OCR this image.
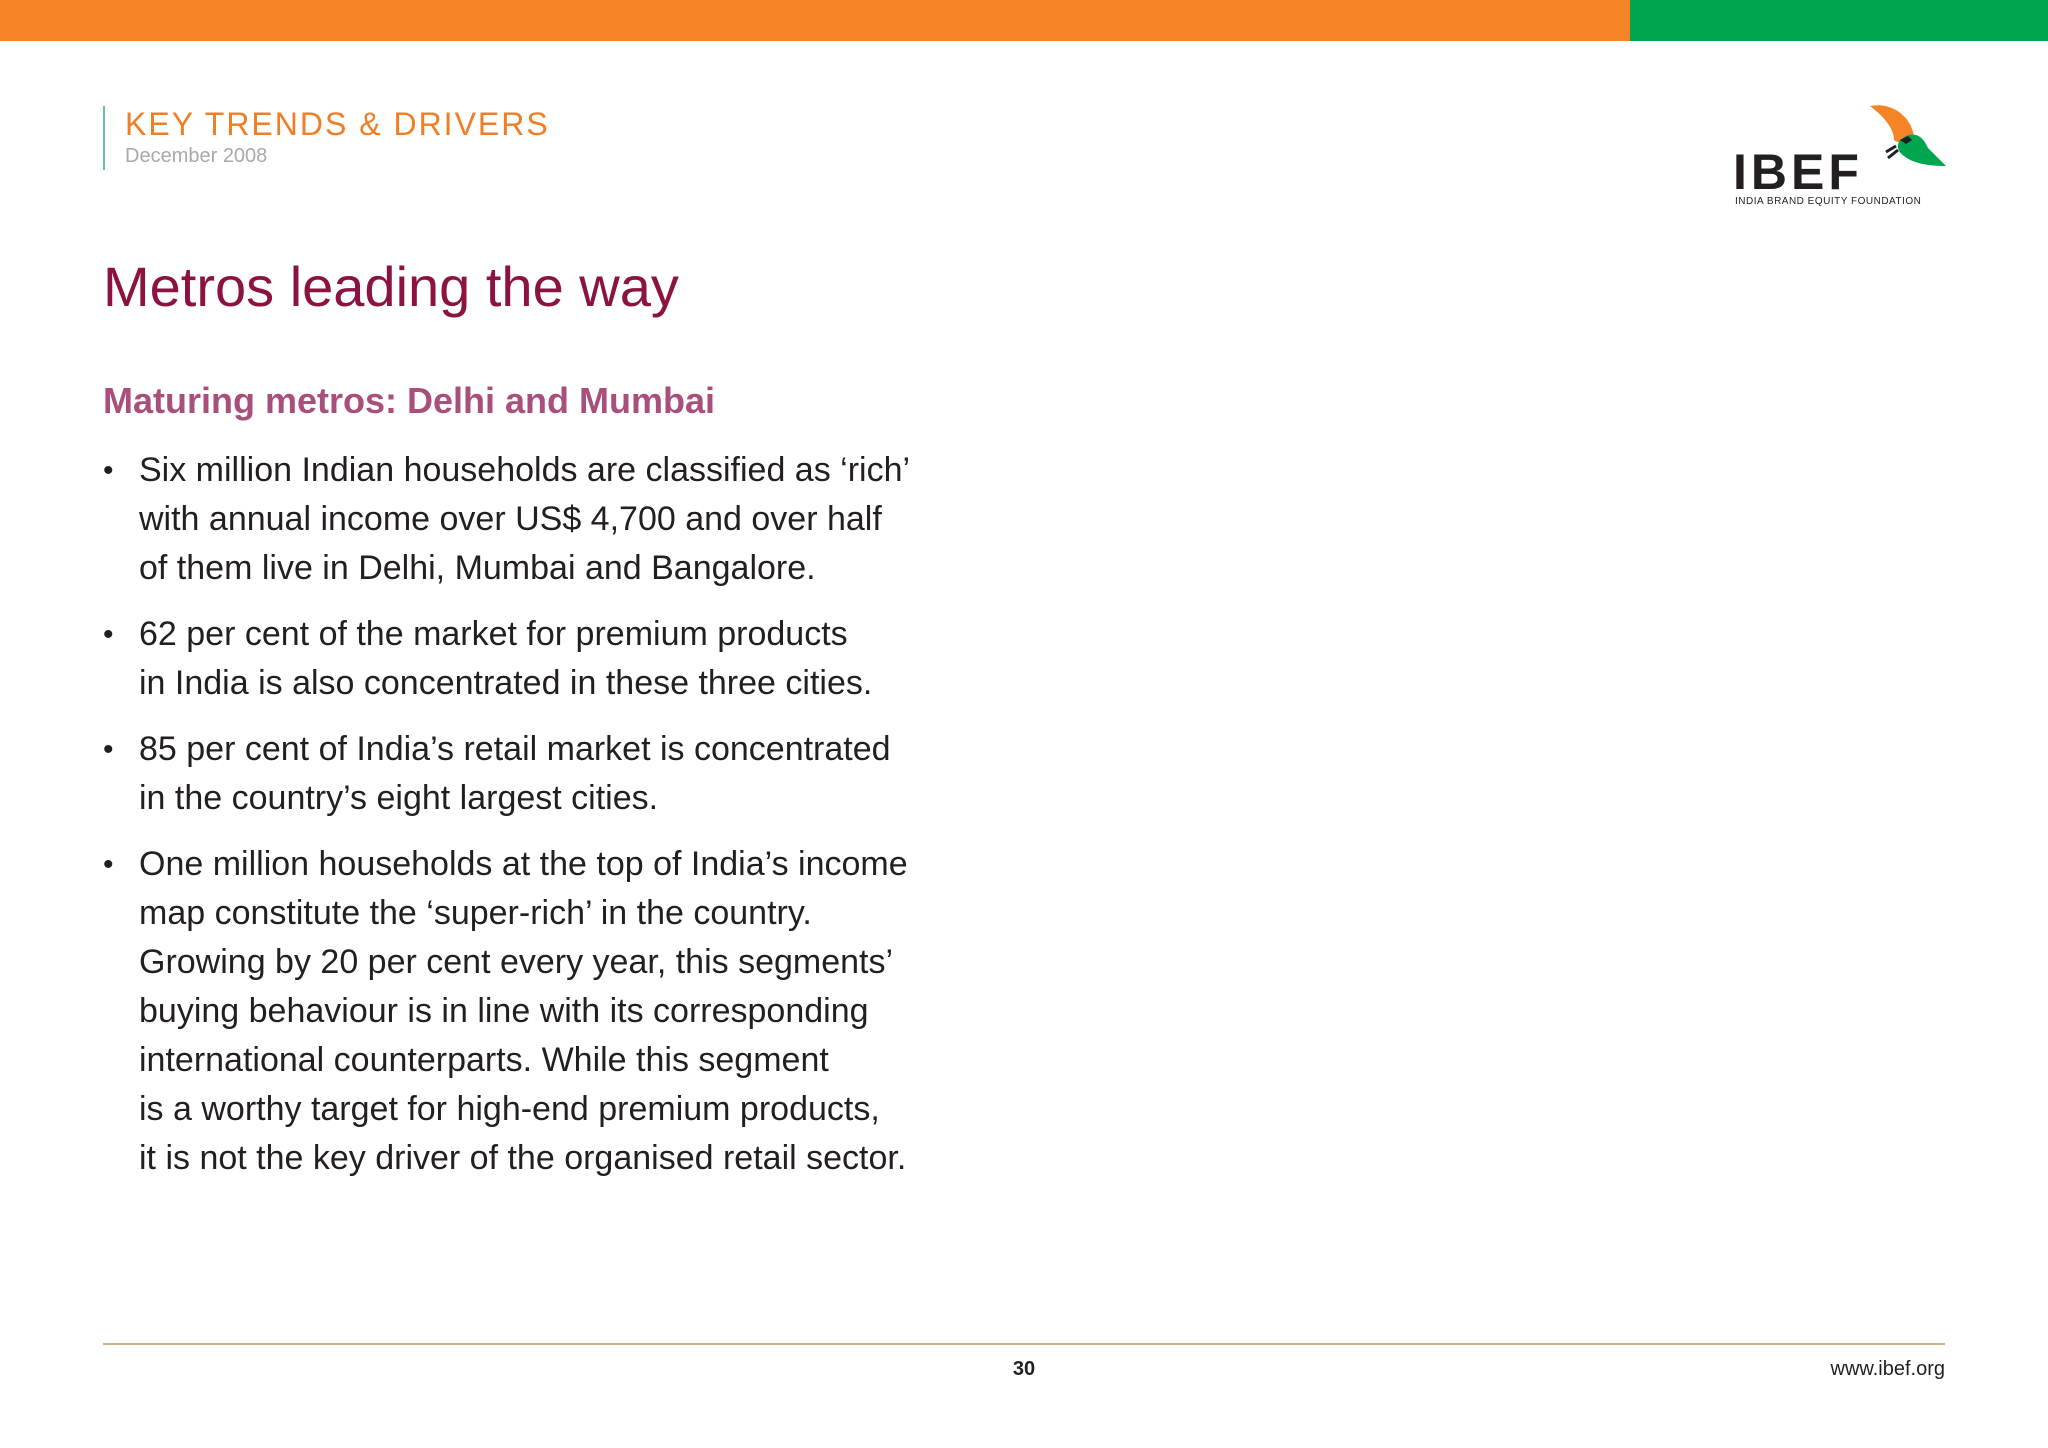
KEY TRENDS & DRIVERS
December 2008	IBEF
INDIA BRAND EQUITY FOUNDATION
Metros leading the way
Maturing metros: Delhi and Mumbai
• Six million Indian households are classified as ‘rich’
with annual income over US$ 4,700 and over half
of them live in Delhi, Mumbai and Bangalore.
• 62 per cent of the market for premium products
in India is also concentrated in these three cities.
• 85 per cent of India’s retail market is concentrated
in the country’s eight largest cities.
• One million households at the top of India’s income
map constitute the ‘super-rich’ in the country.
Growing by 20 per cent every year, this segments’
buying behaviour is in line with its corresponding
international counterparts. While this segment
is a worthy target for high-end premium products,
it is not the key driver of the organised retail sector.
30	www.ibef.org
